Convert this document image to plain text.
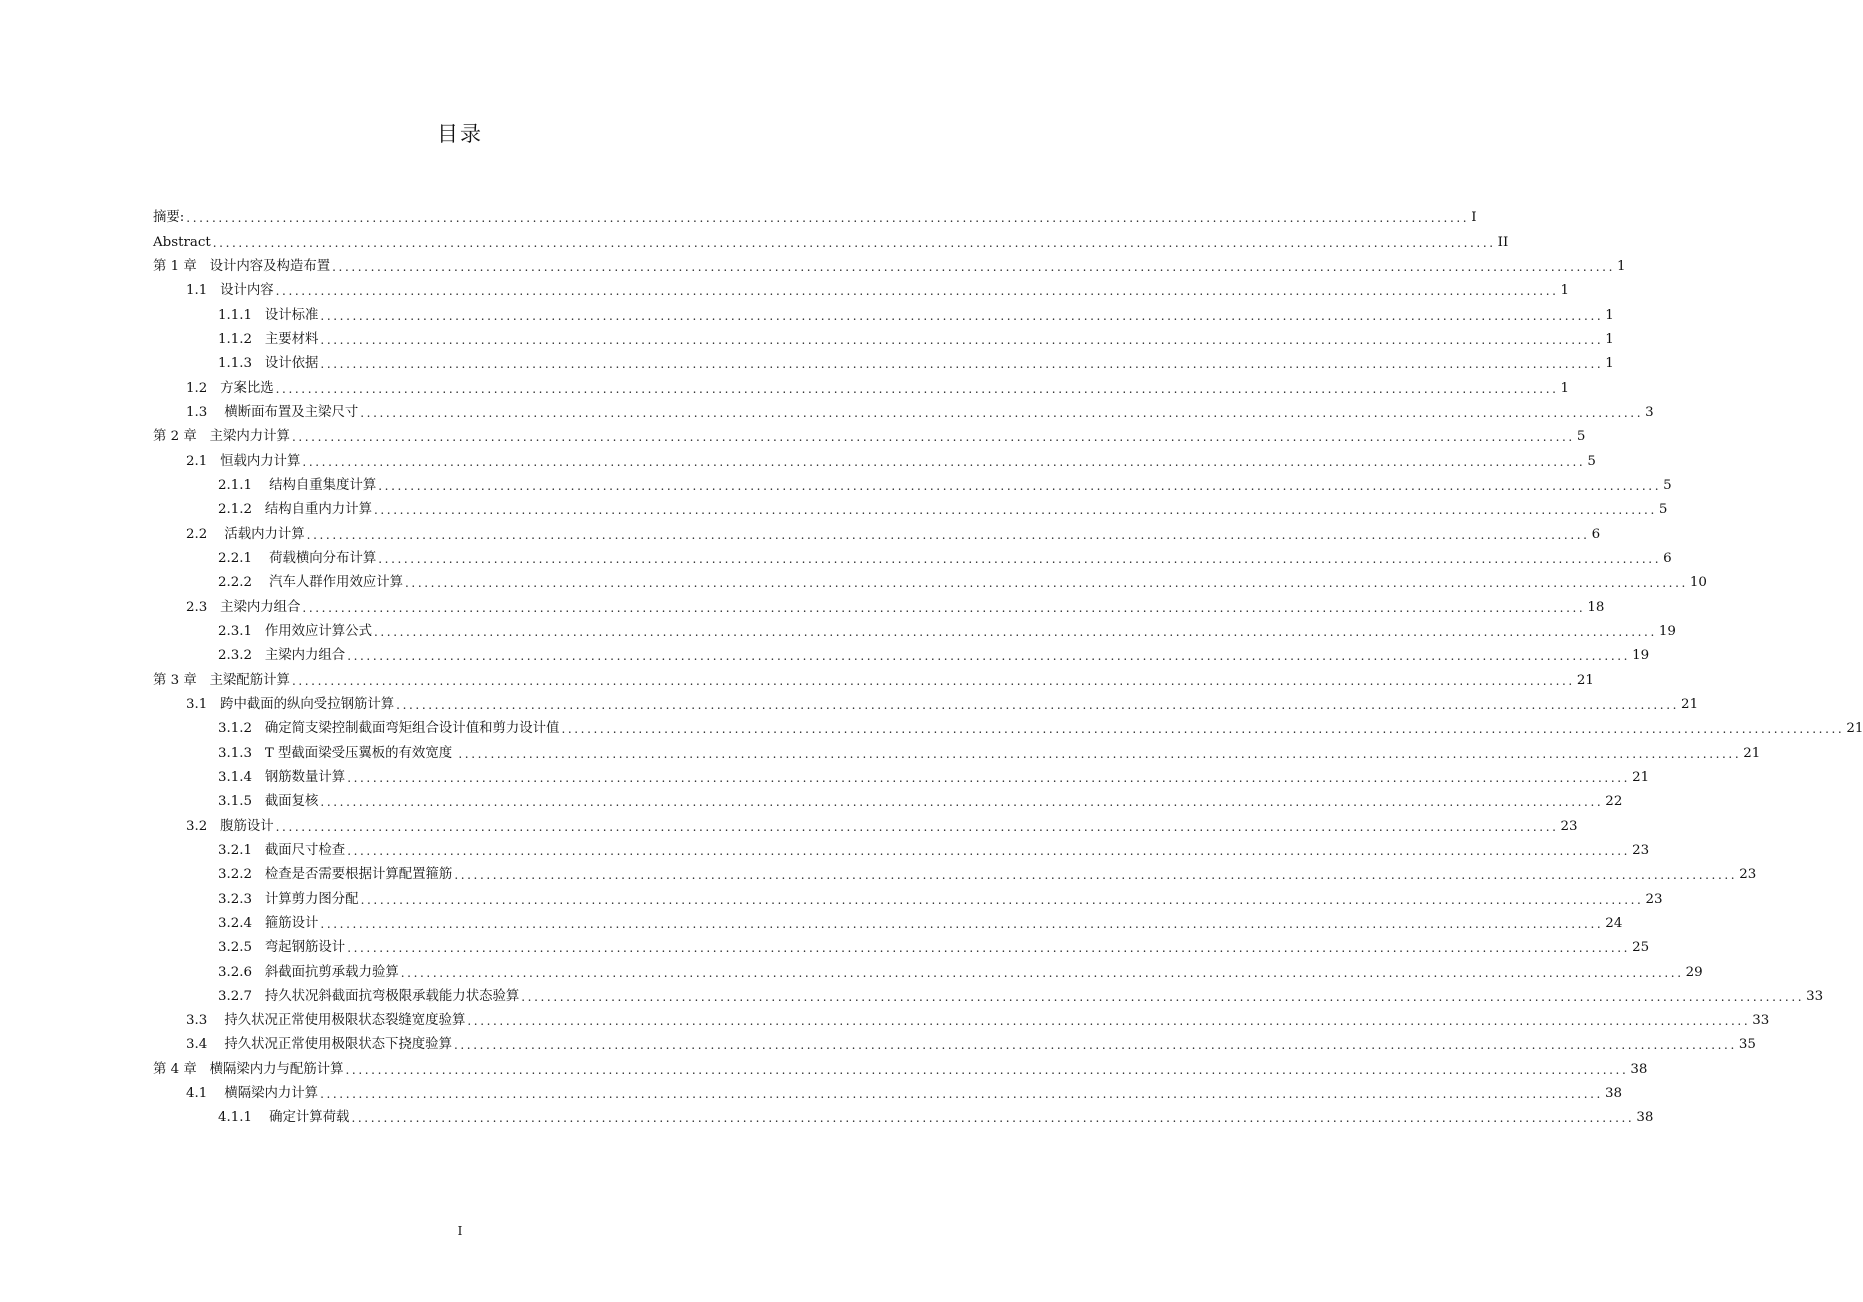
目录
摘要: ........................................................................................................................................................................................................ I
Abstract ........................................................................................................................................................................................................ II
第 1 章   设计内容及构造布置 ........................................................................................................................................................................................................ 1
1.1   设计内容 ........................................................................................................................................................................................................ 1
1.1.1   设计标准 ........................................................................................................................................................................................................ 1
1.1.2   主要材料 ........................................................................................................................................................................................................ 1
1.1.3   设计依据 ........................................................................................................................................................................................................ 1
1.2   方案比选 ........................................................................................................................................................................................................ 1
1.3    横断面布置及主梁尺寸 ........................................................................................................................................................................................................ 3
第 2 章   主梁内力计算 ........................................................................................................................................................................................................ 5
2.1   恒载内力计算 ........................................................................................................................................................................................................ 5
2.1.1    结构自重集度计算 ........................................................................................................................................................................................................ 5
2.1.2   结构自重内力计算 ........................................................................................................................................................................................................ 5
2.2    活载内力计算 ........................................................................................................................................................................................................ 6
2.2.1    荷载横向分布计算 ........................................................................................................................................................................................................ 6
2.2.2    汽车人群作用效应计算 ........................................................................................................................................................................................................ 10
2.3   主梁内力组合 ........................................................................................................................................................................................................ 18
2.3.1   作用效应计算公式 ........................................................................................................................................................................................................ 19
2.3.2   主梁内力组合 ........................................................................................................................................................................................................ 19
第 3 章   主梁配筋计算 ........................................................................................................................................................................................................ 21
3.1   跨中截面的纵向受拉钢筋计算 ........................................................................................................................................................................................................ 21
3.1.2   确定简支梁控制截面弯矩组合设计值和剪力设计值 ........................................................................................................................................................................................................ 21
3.1.3   T 型截面梁受压翼板的有效宽度 ........................................................................................................................................................................................................ 21
3.1.4   钢筋数量计算 ........................................................................................................................................................................................................ 21
3.1.5   截面复核 ........................................................................................................................................................................................................ 22
3.2   腹筋设计 ........................................................................................................................................................................................................ 23
3.2.1   截面尺寸检查 ........................................................................................................................................................................................................ 23
3.2.2   检查是否需要根据计算配置箍筋 ........................................................................................................................................................................................................ 23
3.2.3   计算剪力图分配 ........................................................................................................................................................................................................ 23
3.2.4   箍筋设计 ........................................................................................................................................................................................................ 24
3.2.5   弯起钢筋设计 ........................................................................................................................................................................................................ 25
3.2.6   斜截面抗剪承载力验算 ........................................................................................................................................................................................................ 29
3.2.7   持久状况斜截面抗弯极限承载能力状态验算 ........................................................................................................................................................................................................ 33
3.3    持久状况正常使用极限状态裂缝宽度验算 ........................................................................................................................................................................................................ 33
3.4    持久状况正常使用极限状态下挠度验算 ........................................................................................................................................................................................................ 35
第 4 章   横隔梁内力与配筋计算 ........................................................................................................................................................................................................ 38
4.1    横隔梁内力计算 ........................................................................................................................................................................................................ 38
4.1.1    确定计算荷载 ........................................................................................................................................................................................................ 38
I
